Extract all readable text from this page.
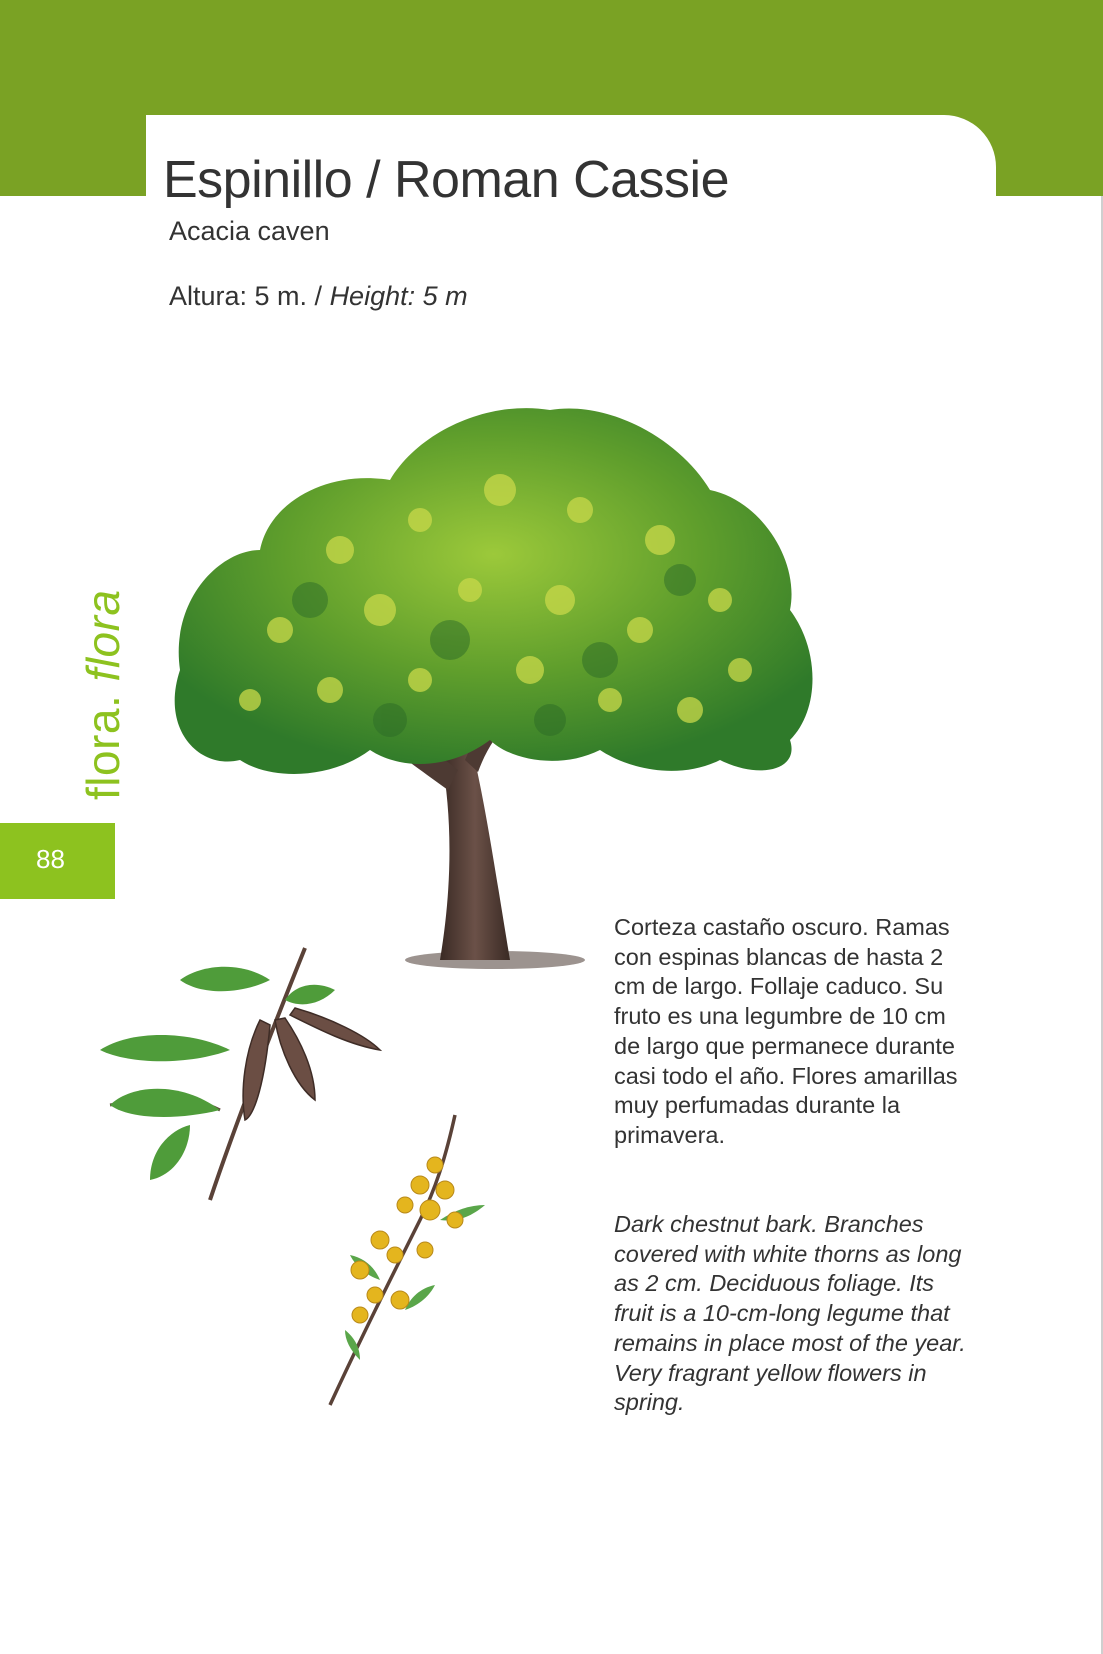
Espinillo / Roman Cassie
Acacia caven
Altura: 5 m. / Height: 5 m
flora. flora
88

Corteza castaño oscuro. Ramas con espinas blancas de hasta 2 cm de largo. Follaje caduco. Su fruto es una legumbre de 10 cm de largo que permanece durante casi todo el año. Flores amarillas muy perfumadas durante la primavera.

Dark chestnut bark. Branches covered with white thorns as long as 2 cm. Deciduous foliage. Its fruit is a 10-cm-long legume that remains in place most of the year. Very fragrant yellow flowers in spring.
